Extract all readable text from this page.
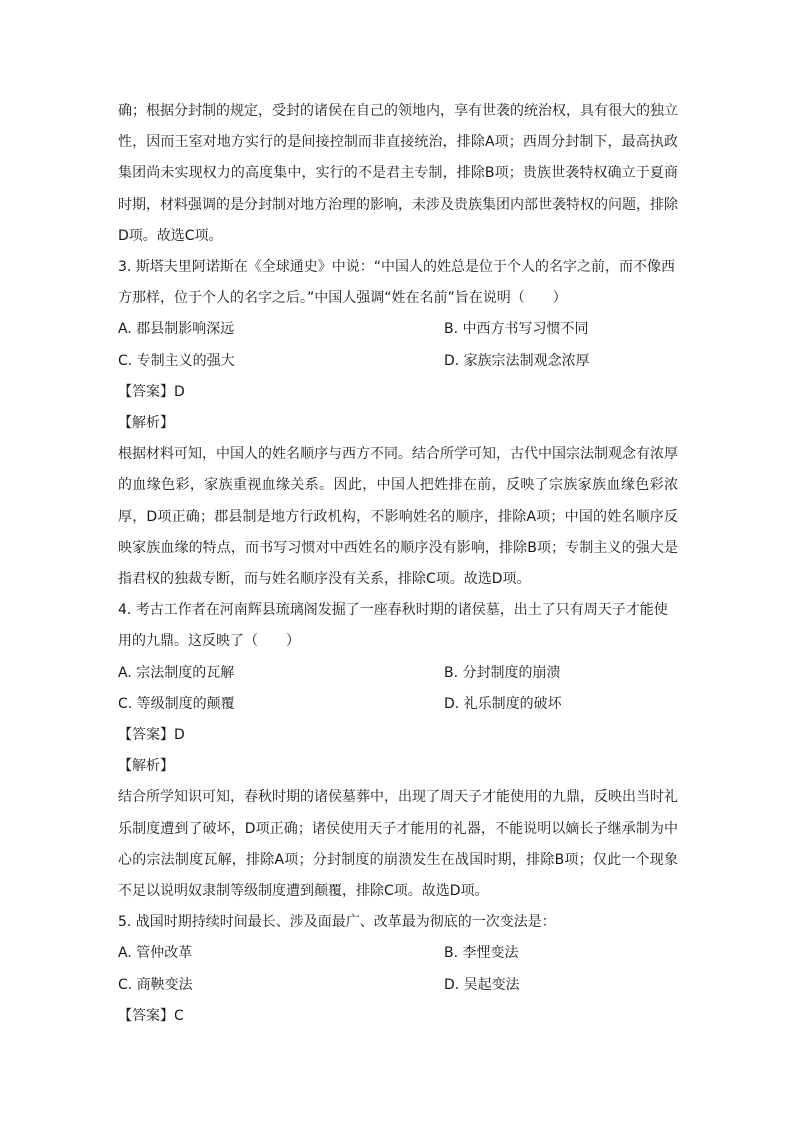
确；根据分封制的规定，受封的诸侯在自己的领地内，享有世袭的统治权，具有很大的独立性，因而王室对地方实行的是间接控制而非直接统治，排除A项；西周分封制下，最高执政集团尚未实现权力的高度集中，实行的不是君主专制，排除B项；贵族世袭特权确立于夏商时期，材料强调的是分封制对地方治理的影响，未涉及贵族集团内部世袭特权的问题，排除D项。故选C项。

3. 斯塔夫里阿诺斯在《全球通史》中说：“中国人的姓总是位于个人的名字之前，而不像西方那样，位于个人的名字之后。”中国人强调“姓在名前”旨在说明（　　）

A. 郡县制影响深远	B. 中西方书写习惯不同
C. 专制主义的强大	D. 家族宗法制观念浓厚

【答案】D

【解析】

根据材料可知，中国人的姓名顺序与西方不同。结合所学可知，古代中国宗法制观念有浓厚的血缘色彩，家族重视血缘关系。因此，中国人把姓排在前，反映了宗族家族血缘色彩浓厚，D项正确；郡县制是地方行政机构，不影响姓名的顺序，排除A项；中国的姓名顺序反映家族血缘的特点，而书写习惯对中西姓名的顺序没有影响，排除B项；专制主义的强大是指君权的独裁专断，而与姓名顺序没有关系，排除C项。故选D项。

4. 考古工作者在河南辉县琉璃阁发掘了一座春秋时期的诸侯墓，出土了只有周天子才能使用的九鼎。这反映了（　　）

A. 宗法制度的瓦解	B. 分封制度的崩溃
C. 等级制度的颠覆	D. 礼乐制度的破坏

【答案】D

【解析】

结合所学知识可知，春秋时期的诸侯墓葬中，出现了周天子才能使用的九鼎，反映出当时礼乐制度遭到了破坏，D项正确；诸侯使用天子才能用的礼器，不能说明以嫡长子继承制为中心的宗法制度瓦解，排除A项；分封制度的崩溃发生在战国时期，排除B项；仅此一个现象不足以说明奴隶制等级制度遭到颠覆，排除C项。故选D项。

5. 战国时期持续时间最长、涉及面最广、改革最为彻底的一次变法是：

A. 管仲改革	B. 李悝变法
C. 商鞅变法	D. 吴起变法

【答案】C
